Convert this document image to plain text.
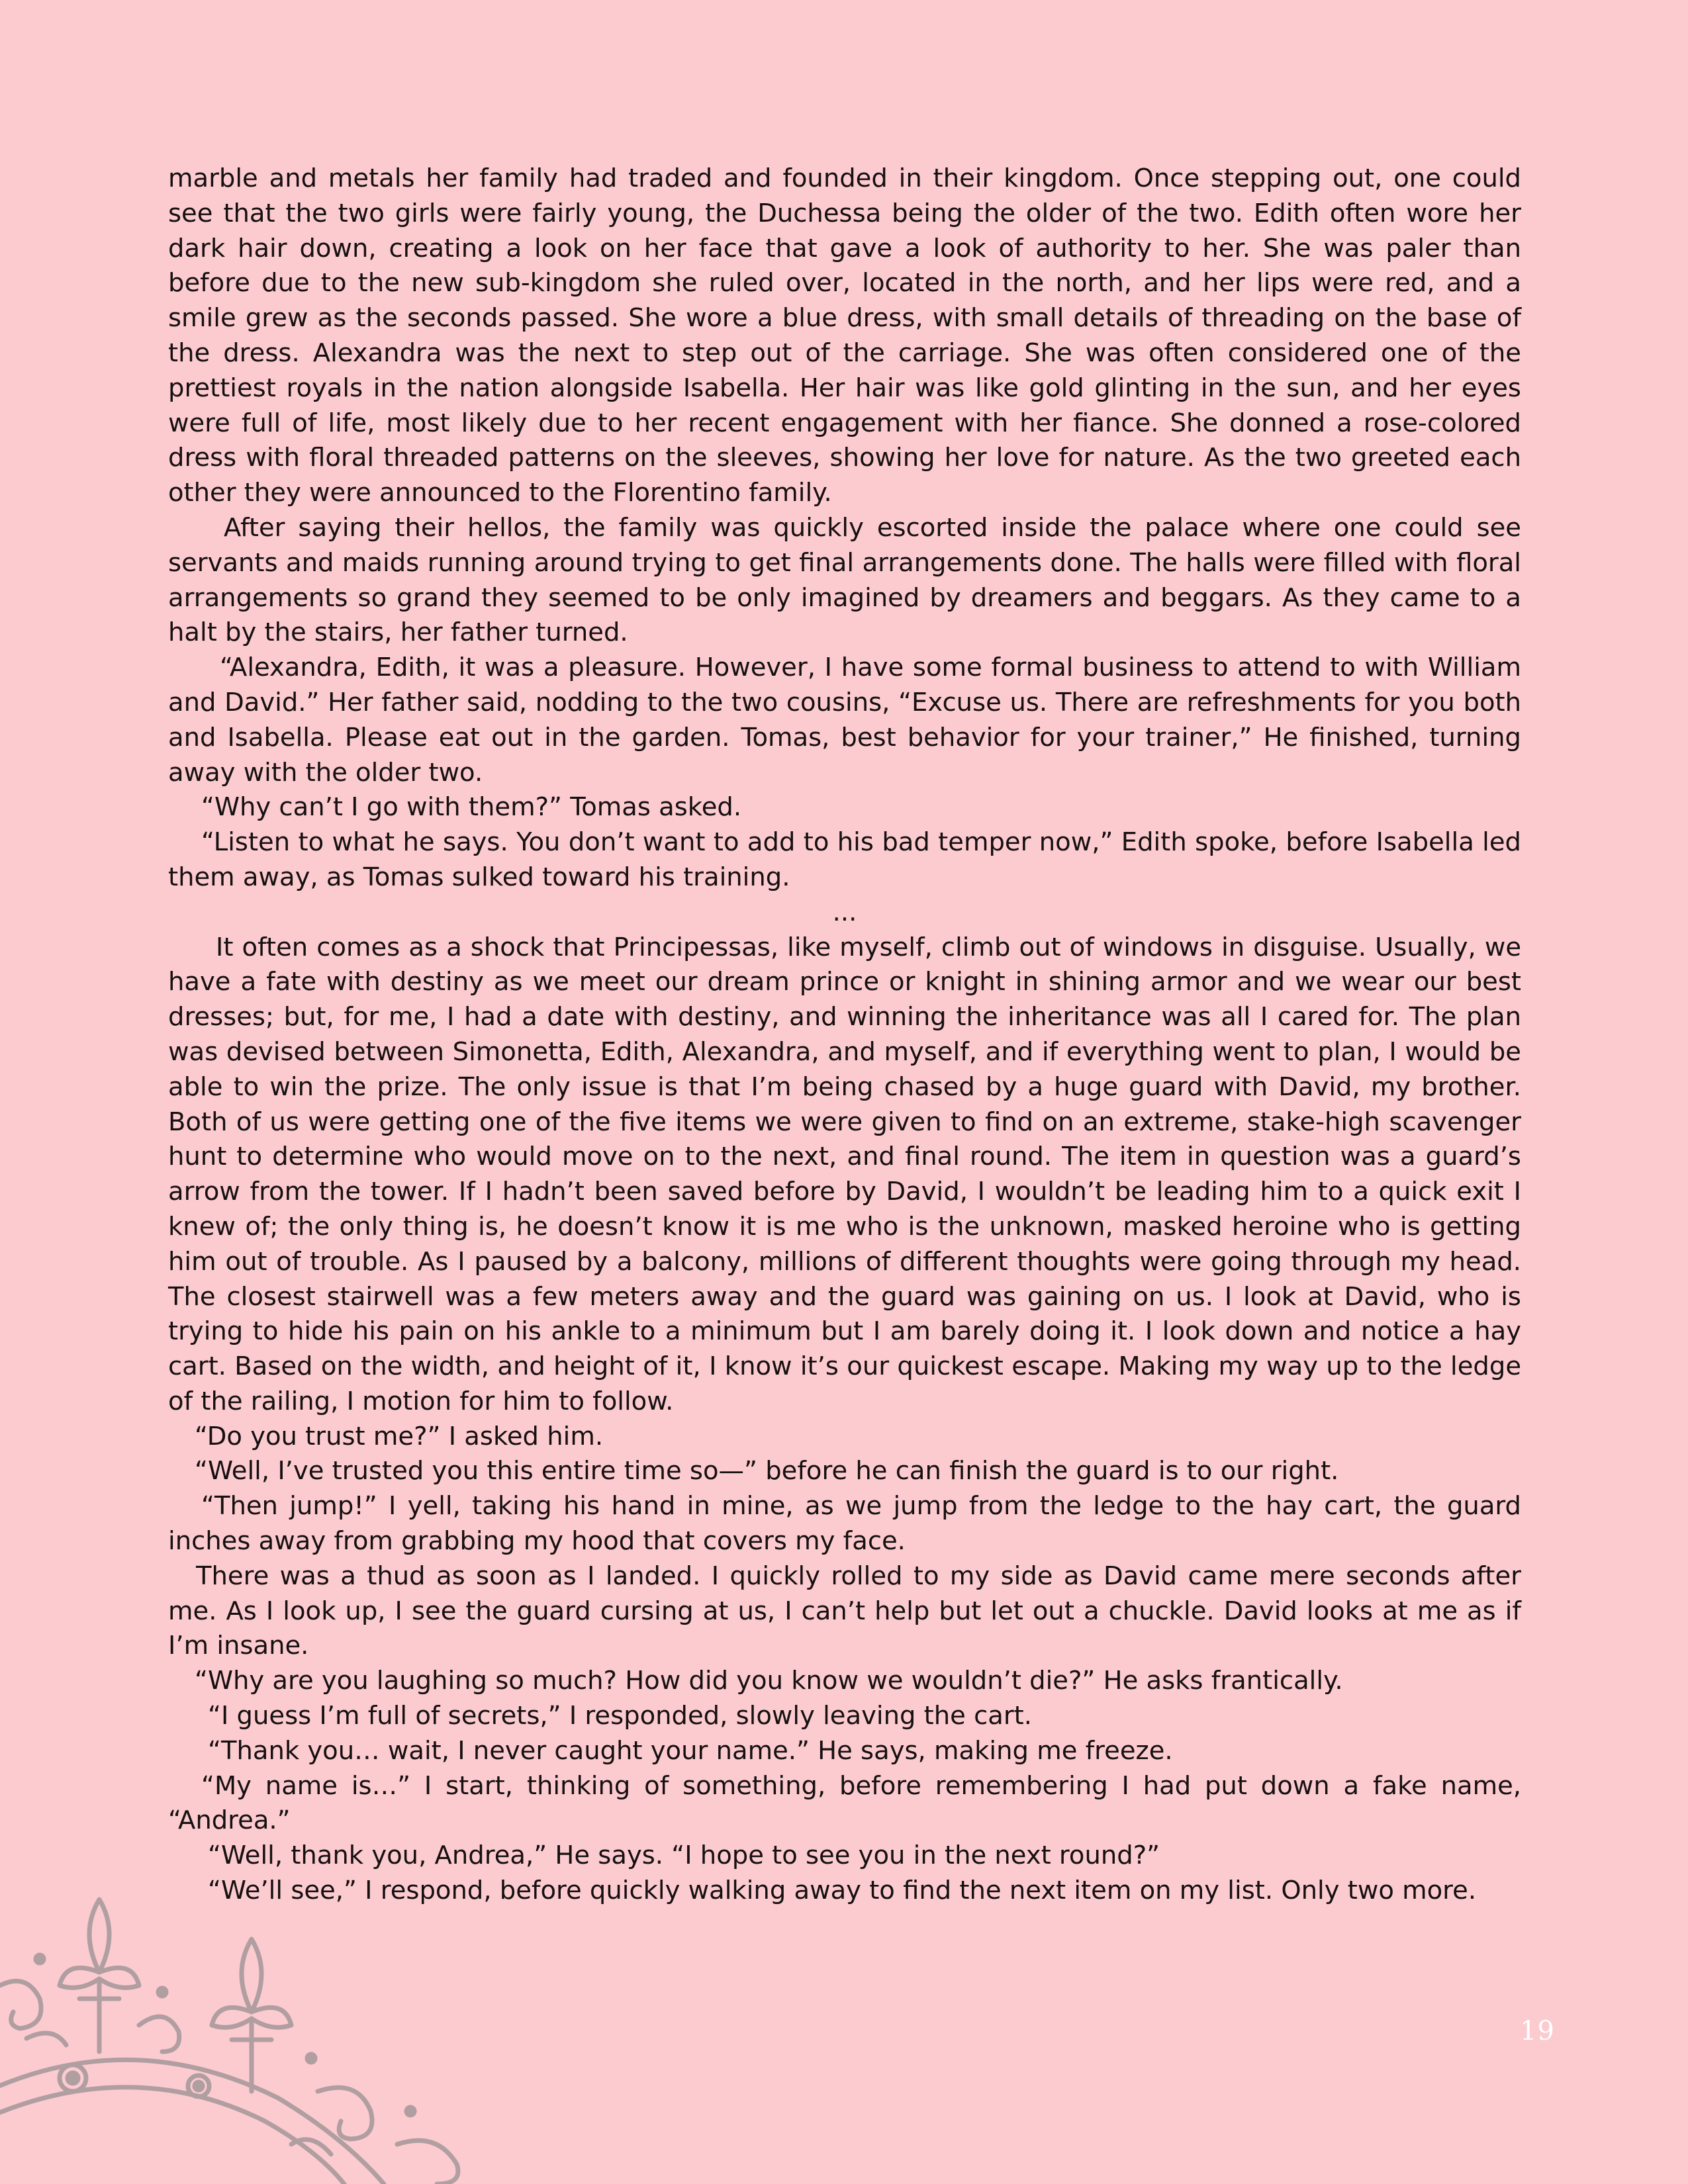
marble and metals her family had traded and founded in their kingdom. Once stepping out, one could see that the two girls were fairly young, the Duchessa being the older of the two. Edith often wore her dark hair down, creating a look on her face that gave a look of authority to her. She was paler than before due to the new sub-kingdom she ruled over, located in the north, and her lips were red, and a smile grew as the seconds passed. She wore a blue dress, with small details of threading on the base of the dress. Alexandra was the next to step out of the carriage. She was often considered one of the prettiest royals in the nation alongside Isabella. Her hair was like gold glinting in the sun, and her eyes were full of life, most likely due to her recent engagement with her fiance. She donned a rose-colored dress with floral threaded patterns on the sleeves, showing her love for nature. As the two greeted each other they were announced to the Florentino family.

After saying their hellos, the family was quickly escorted inside the palace where one could see servants and maids running around trying to get final arrangements done. The halls were filled with floral arrangements so grand they seemed to be only imagined by dreamers and beggars. As they came to a halt by the stairs, her father turned.

“Alexandra, Edith, it was a pleasure. However, I have some formal business to attend to with William and David.” Her father said, nodding to the two cousins, “Excuse us. There are refreshments for you both and Isabella. Please eat out in the garden. Tomas, best behavior for your trainer,” He finished, turning away with the older two.

“Why can’t I go with them?” Tomas asked.

“Listen to what he says. You don’t want to add to his bad temper now,” Edith spoke, before Isabella led them away, as Tomas sulked toward his training.

...

It often comes as a shock that Principessas, like myself, climb out of windows in disguise. Usually, we have a fate with destiny as we meet our dream prince or knight in shining armor and we wear our best dresses; but, for me, I had a date with destiny, and winning the inheritance was all I cared for. The plan was devised between Simonetta, Edith, Alexandra, and myself, and if everything went to plan, I would be able to win the prize. The only issue is that I’m being chased by a huge guard with David, my brother. Both of us were getting one of the five items we were given to find on an extreme, stake-high scavenger hunt to determine who would move on to the next, and final round. The item in question was a guard’s arrow from the tower. If I hadn’t been saved before by David, I wouldn’t be leading him to a quick exit I knew of; the only thing is, he doesn’t know it is me who is the unknown, masked heroine who is getting him out of trouble. As I paused by a balcony, millions of different thoughts were going through my head. The closest stairwell was a few meters away and the guard was gaining on us. I look at David, who is trying to hide his pain on his ankle to a minimum but I am barely doing it. I look down and notice a hay cart. Based on the width, and height of it, I know it’s our quickest escape. Making my way up to the ledge of the railing, I motion for him to follow.

“Do you trust me?” I asked him.

“Well, I’ve trusted you this entire time so—” before he can finish the guard is to our right.

“Then jump!” I yell, taking his hand in mine, as we jump from the ledge to the hay cart, the guard inches away from grabbing my hood that covers my face.

There was a thud as soon as I landed. I quickly rolled to my side as David came mere seconds after me. As I look up, I see the guard cursing at us, I can’t help but let out a chuckle. David looks at me as if I’m insane.

“Why are you laughing so much? How did you know we wouldn’t die?” He asks frantically.

“I guess I’m full of secrets,” I responded, slowly leaving the cart.

“Thank you… wait, I never caught your name.” He says, making me freeze.

“My name is…” I start, thinking of something, before remembering I had put down a fake name, “Andrea.”

“Well, thank you, Andrea,” He says. “I hope to see you in the next round?”

“We’ll see,” I respond, before quickly walking away to find the next item on my list. Only two more.

19
